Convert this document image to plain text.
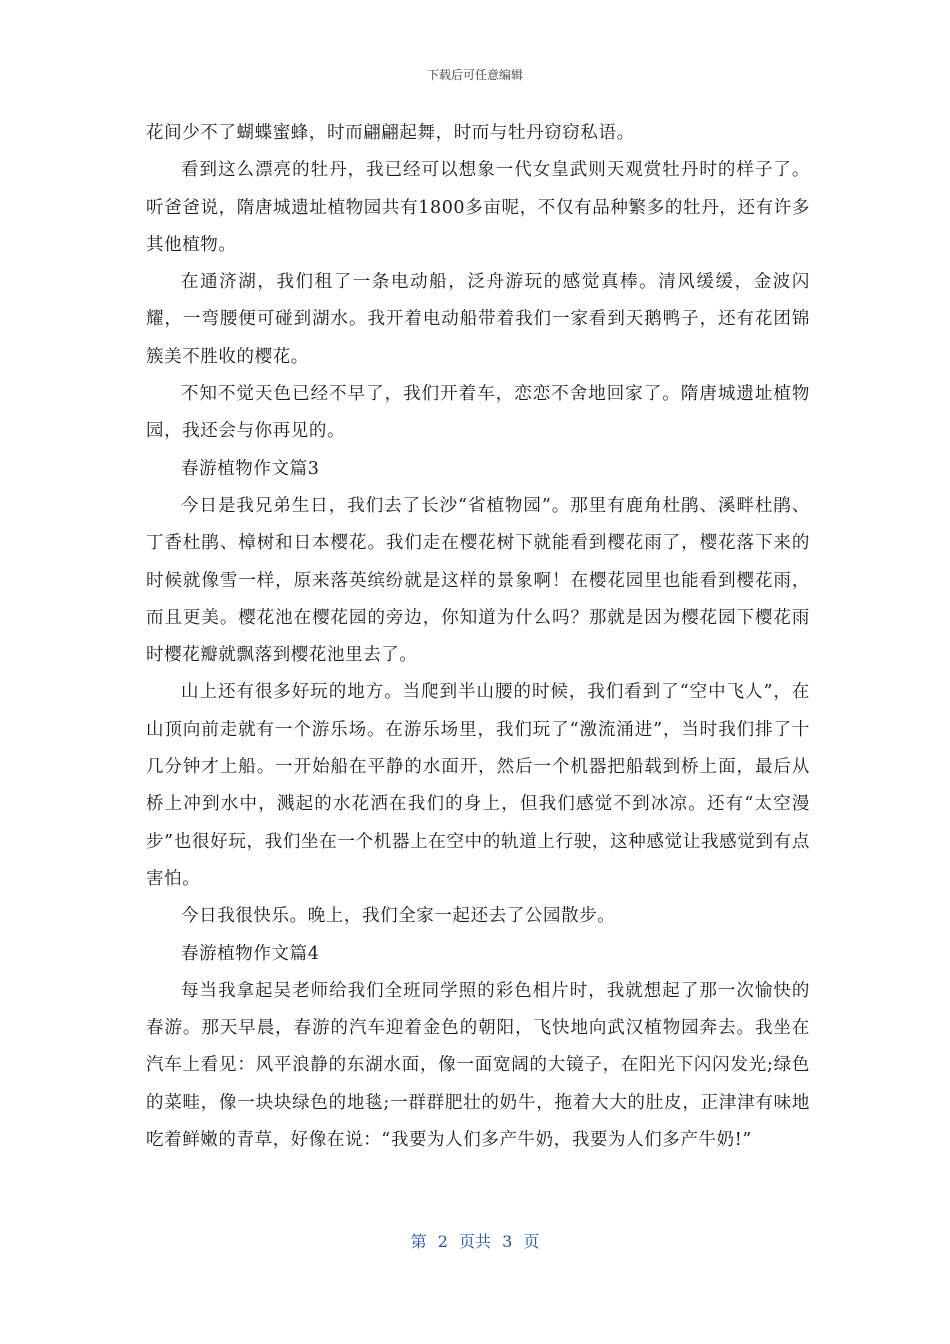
下载后可任意编辑

花间少不了蝴蝶蜜蜂，时而翩翩起舞，时而与牡丹窃窃私语。

看到这么漂亮的牡丹，我已经可以想象一代女皇武则天观赏牡丹时的样子了。听爸爸说，隋唐城遗址植物园共有1800多亩呢，不仅有品种繁多的牡丹，还有许多其他植物。

在通济湖，我们租了一条电动船，泛舟游玩的感觉真棒。清风缓缓，金波闪耀，一弯腰便可碰到湖水。我开着电动船带着我们一家看到天鹅鸭子，还有花团锦簇美不胜收的樱花。

不知不觉天色已经不早了，我们开着车，恋恋不舍地回家了。隋唐城遗址植物园，我还会与你再见的。

春游植物作文篇3

今日是我兄弟生日，我们去了长沙“省植物园”。那里有鹿角杜鹃、溪畔杜鹃、丁香杜鹃、樟树和日本樱花。我们走在樱花树下就能看到樱花雨了，樱花落下来的时候就像雪一样，原来落英缤纷就是这样的景象啊！在樱花园里也能看到樱花雨，而且更美。樱花池在樱花园的旁边，你知道为什么吗？那就是因为樱花园下樱花雨时樱花瓣就飘落到樱花池里去了。

山上还有很多好玩的地方。当爬到半山腰的时候，我们看到了“空中飞人”，在山顶向前走就有一个游乐场。在游乐场里，我们玩了“激流涌进”，当时我们排了十几分钟才上船。一开始船在平静的水面开，然后一个机器把船载到桥上面，最后从桥上冲到水中，溅起的水花洒在我们的身上，但我们感觉不到冰凉。还有“太空漫步”也很好玩，我们坐在一个机器上在空中的轨道上行驶，这种感觉让我感觉到有点害怕。

今日我很快乐。晚上，我们全家一起还去了公园散步。

春游植物作文篇4

每当我拿起吴老师给我们全班同学照的彩色相片时，我就想起了那一次愉快的春游。那天早晨，春游的汽车迎着金色的朝阳，飞快地向武汉植物园奔去。我坐在汽车上看见：风平浪静的东湖水面，像一面宽阔的大镜子，在阳光下闪闪发光;绿色的菜畦，像一块块绿色的地毯;一群群肥壮的奶牛，拖着大大的肚皮，正津津有味地吃着鲜嫩的青草，好像在说：“我要为人们多产牛奶，我要为人们多产牛奶!”

第 2 页共 3 页
